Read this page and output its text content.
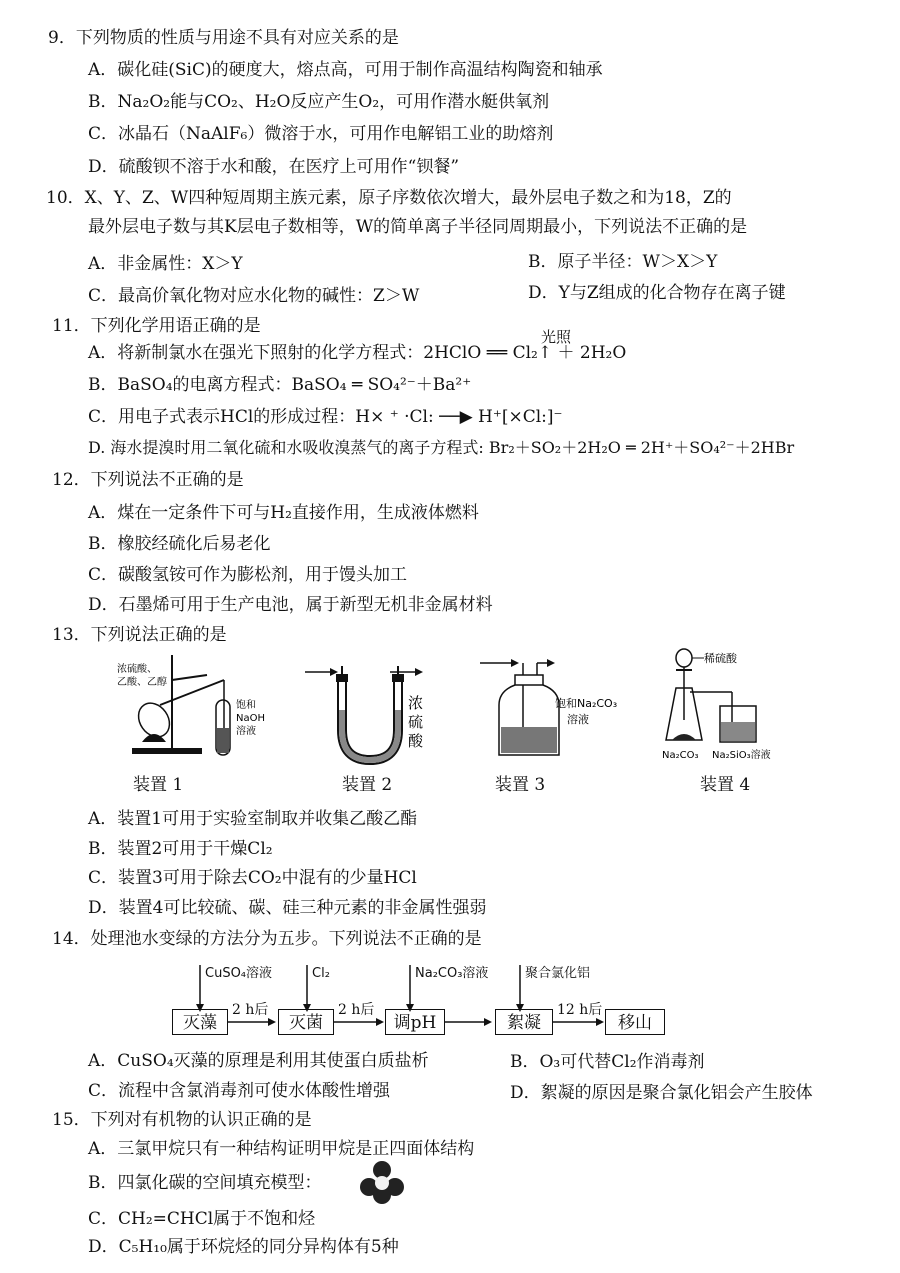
9．下列物质的性质与用途不具有对应关系的是
A．碳化硅(SiC)的硬度大，熔点高，可用于制作高温结构陶瓷和轴承
B．Na₂O₂能与CO₂、H₂O反应产生O₂，可用作潜水艇供氧剂
C．冰晶石（NaAlF₆）微溶于水，可用作电解铝工业的助熔剂
D．硫酸钡不溶于水和酸，在医疗上可用作“钡餐”
10．X、Y、Z、W四种短周期主族元素，原子序数依次增大，最外层电子数之和为18，Z的
最外层电子数与其K层电子数相等，W的简单离子半径同周期最小，下列说法不正确的是
A．非金属性：X＞Y	B．原子半径：W＞X＞Y
C．最高价氧化物对应水化物的碱性：Z＞W	D．Y与Z组成的化合物存在离子键
11．下列化学用语正确的是
光照
A．将新制氯水在强光下照射的化学方程式：2HClO ══ Cl₂↑ ＋ 2H₂O
B．BaSO₄的电离方程式：BaSO₄ ═ SO₄²⁻＋Ba²⁺
C．用电子式表示HCl的形成过程：H× ⁺ ·Cl: ──▶ H⁺[×Cl:]⁻
D. 海水提溴时用二氧化硫和水吸收溴蒸气的离子方程式: Br₂＋SO₂＋2H₂O ═ 2H⁺＋SO₄²⁻＋2HBr
12．下列说法不正确的是
A．煤在一定条件下可与H₂直接作用，生成液体燃料
B．橡胶经硫化后易老化
C．碳酸氢铵可作为膨松剂，用于馒头加工
D．石墨烯可用于生产电池，属于新型无机非金属材料
13．下列说法正确的是
浓硫酸、
乙酸、乙醇
饱和
NaOH
溶液
浓
硫
酸
饱和Na₂CO₃
溶液
稀硫酸
Na₂CO₃ Na₂SiO₃溶液
装置 1	装置 2	装置 3	装置 4
A．装置1可用于实验室制取并收集乙酸乙酯
B．装置2可用于干燥Cl₂
C．装置3可用于除去CO₂中混有的少量HCl
D．装置4可比较硫、碳、硅三种元素的非金属性强弱
14．处理池水变绿的方法分为五步。下列说法不正确的是
CuSO₄溶液	Cl₂	Na₂CO₃溶液	聚合氯化铝
灭藻	灭菌	调pH	絮凝	移山
2 h后	2 h后	12 h后
A．CuSO₄灭藻的原理是利用其使蛋白质盐析	B．O₃可代替Cl₂作消毒剂
C．流程中含氯消毒剂可使水体酸性增强	D．絮凝的原因是聚合氯化铝会产生胶体
15．下列对有机物的认识正确的是
A．三氯甲烷只有一种结构证明甲烷是正四面体结构
B．四氯化碳的空间填充模型：
C．CH₂=CHCl属于不饱和烃
D．C₅H₁₀属于环烷烃的同分异构体有5种
